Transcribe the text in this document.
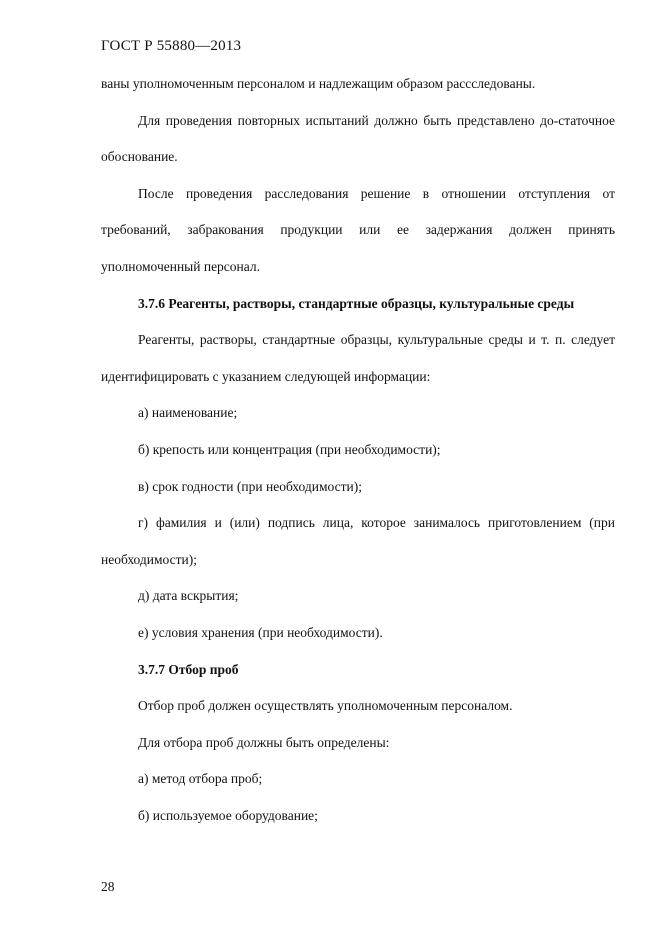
ГОСТ Р 55880—2013

ваны уполномоченным персоналом и надлежащим образом рассследованы.

Для проведения повторных испытаний должно быть представлено до-статочное обоснование.

После проведения расследования решение в отношении отступления от требований, забракования продукции или ее задержания должен принять уполномоченный персонал.

3.7.6 Реагенты, растворы, стандартные образцы, культуральные среды

Реагенты, растворы, стандартные образцы, культуральные среды и т. п. следует идентифицировать с указанием следующей информации:

а) наименование;

б) крепость или концентрация (при необходимости);

в) срок годности (при необходимости);

г) фамилия и (или) подпись лица, которое занималось приготовлением (при необходимости);

д) дата вскрытия;

е) условия хранения (при необходимости).

3.7.7 Отбор проб

Отбор проб должен осуществлять уполномоченным персоналом.

Для отбора проб должны быть определены:

а) метод отбора проб;

б) используемое оборудование;

28
